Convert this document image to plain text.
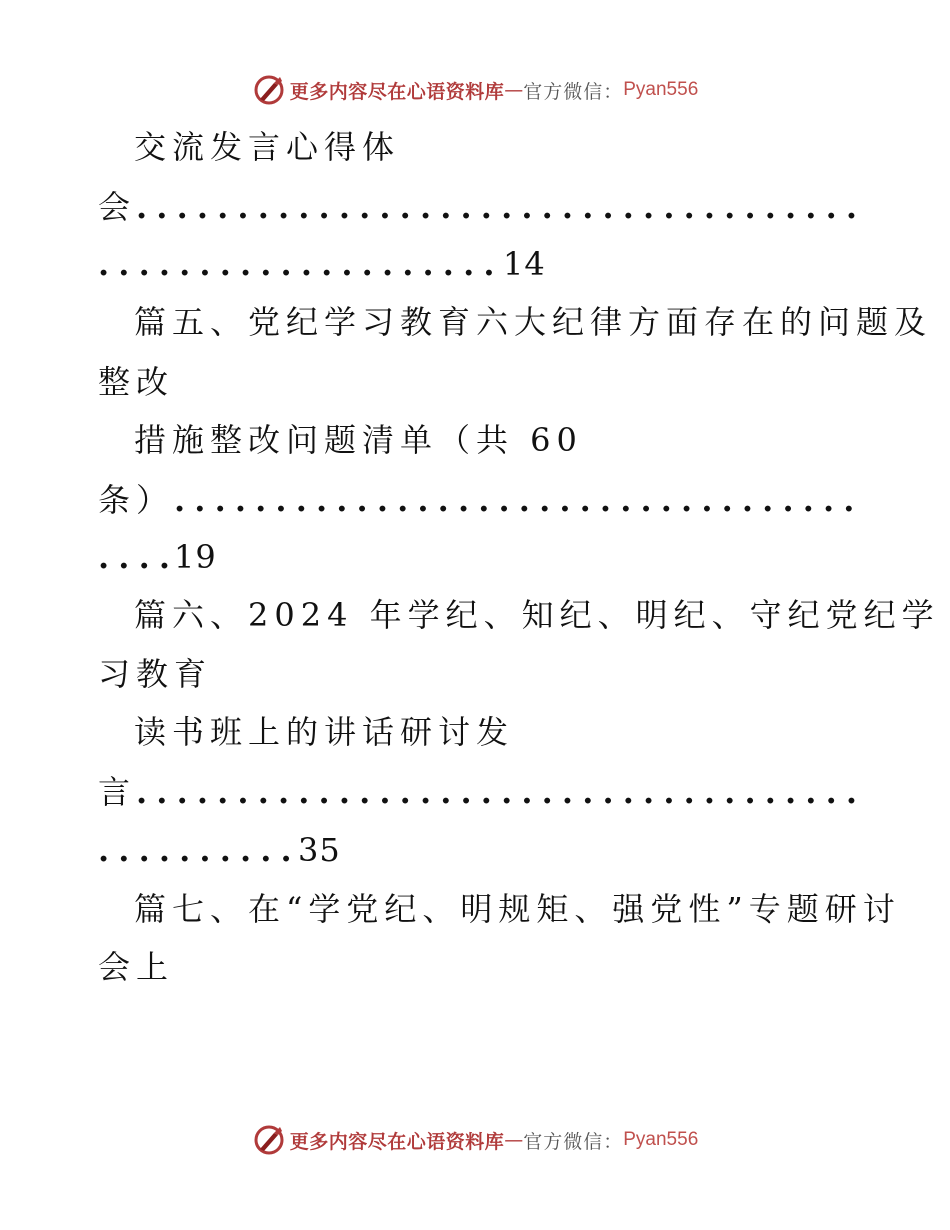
更多内容尽在心语资料库 — 官方微信： Pyan556
交流发言心得体
会. . .
. . .14
篇五、党纪学习教育六大纪律方面存在的问题及
整改
措施整改问题清单（共 60
条）. . .
. . .19
篇六、2024 年学纪、知纪、明纪、守纪党纪学
习教育
读书班上的讲话研讨发
言. . .
. . .35
篇七、在“学党纪、明规矩、强党性”专题研讨
会上
更多内容尽在心语资料库 — 官方微信： Pyan556
